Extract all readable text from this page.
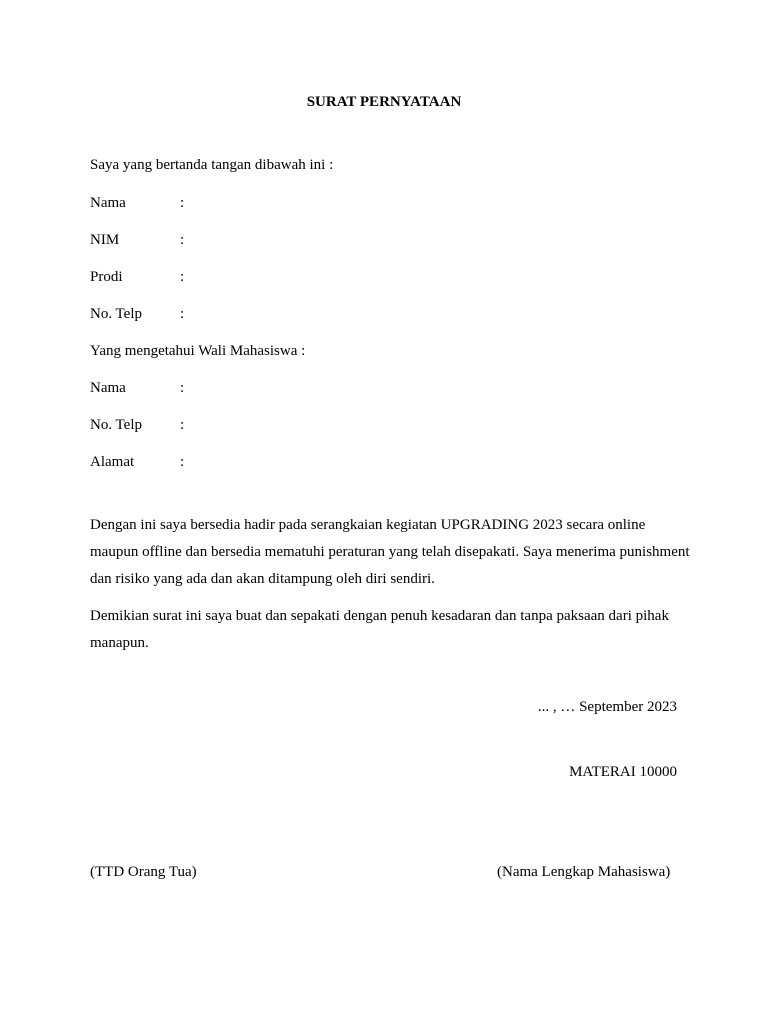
SURAT PERNYATAAN
Saya yang bertanda tangan dibawah ini :
Nama	:
NIM	:
Prodi	:
No. Telp	:
Yang mengetahui Wali Mahasiswa :
Nama	:
No. Telp	:
Alamat	:
Dengan ini saya bersedia hadir pada serangkaian kegiatan UPGRADING 2023 secara online maupun offline dan bersedia mematuhi peraturan yang telah disepakati. Saya menerima punishment dan risiko yang ada dan akan ditampung oleh diri sendiri.
Demikian surat ini saya buat dan sepakati dengan penuh kesadaran dan tanpa paksaan dari pihak manapun.
... , … September 2023
MATERAI 10000
(TTD Orang Tua)	(Nama Lengkap Mahasiswa)
